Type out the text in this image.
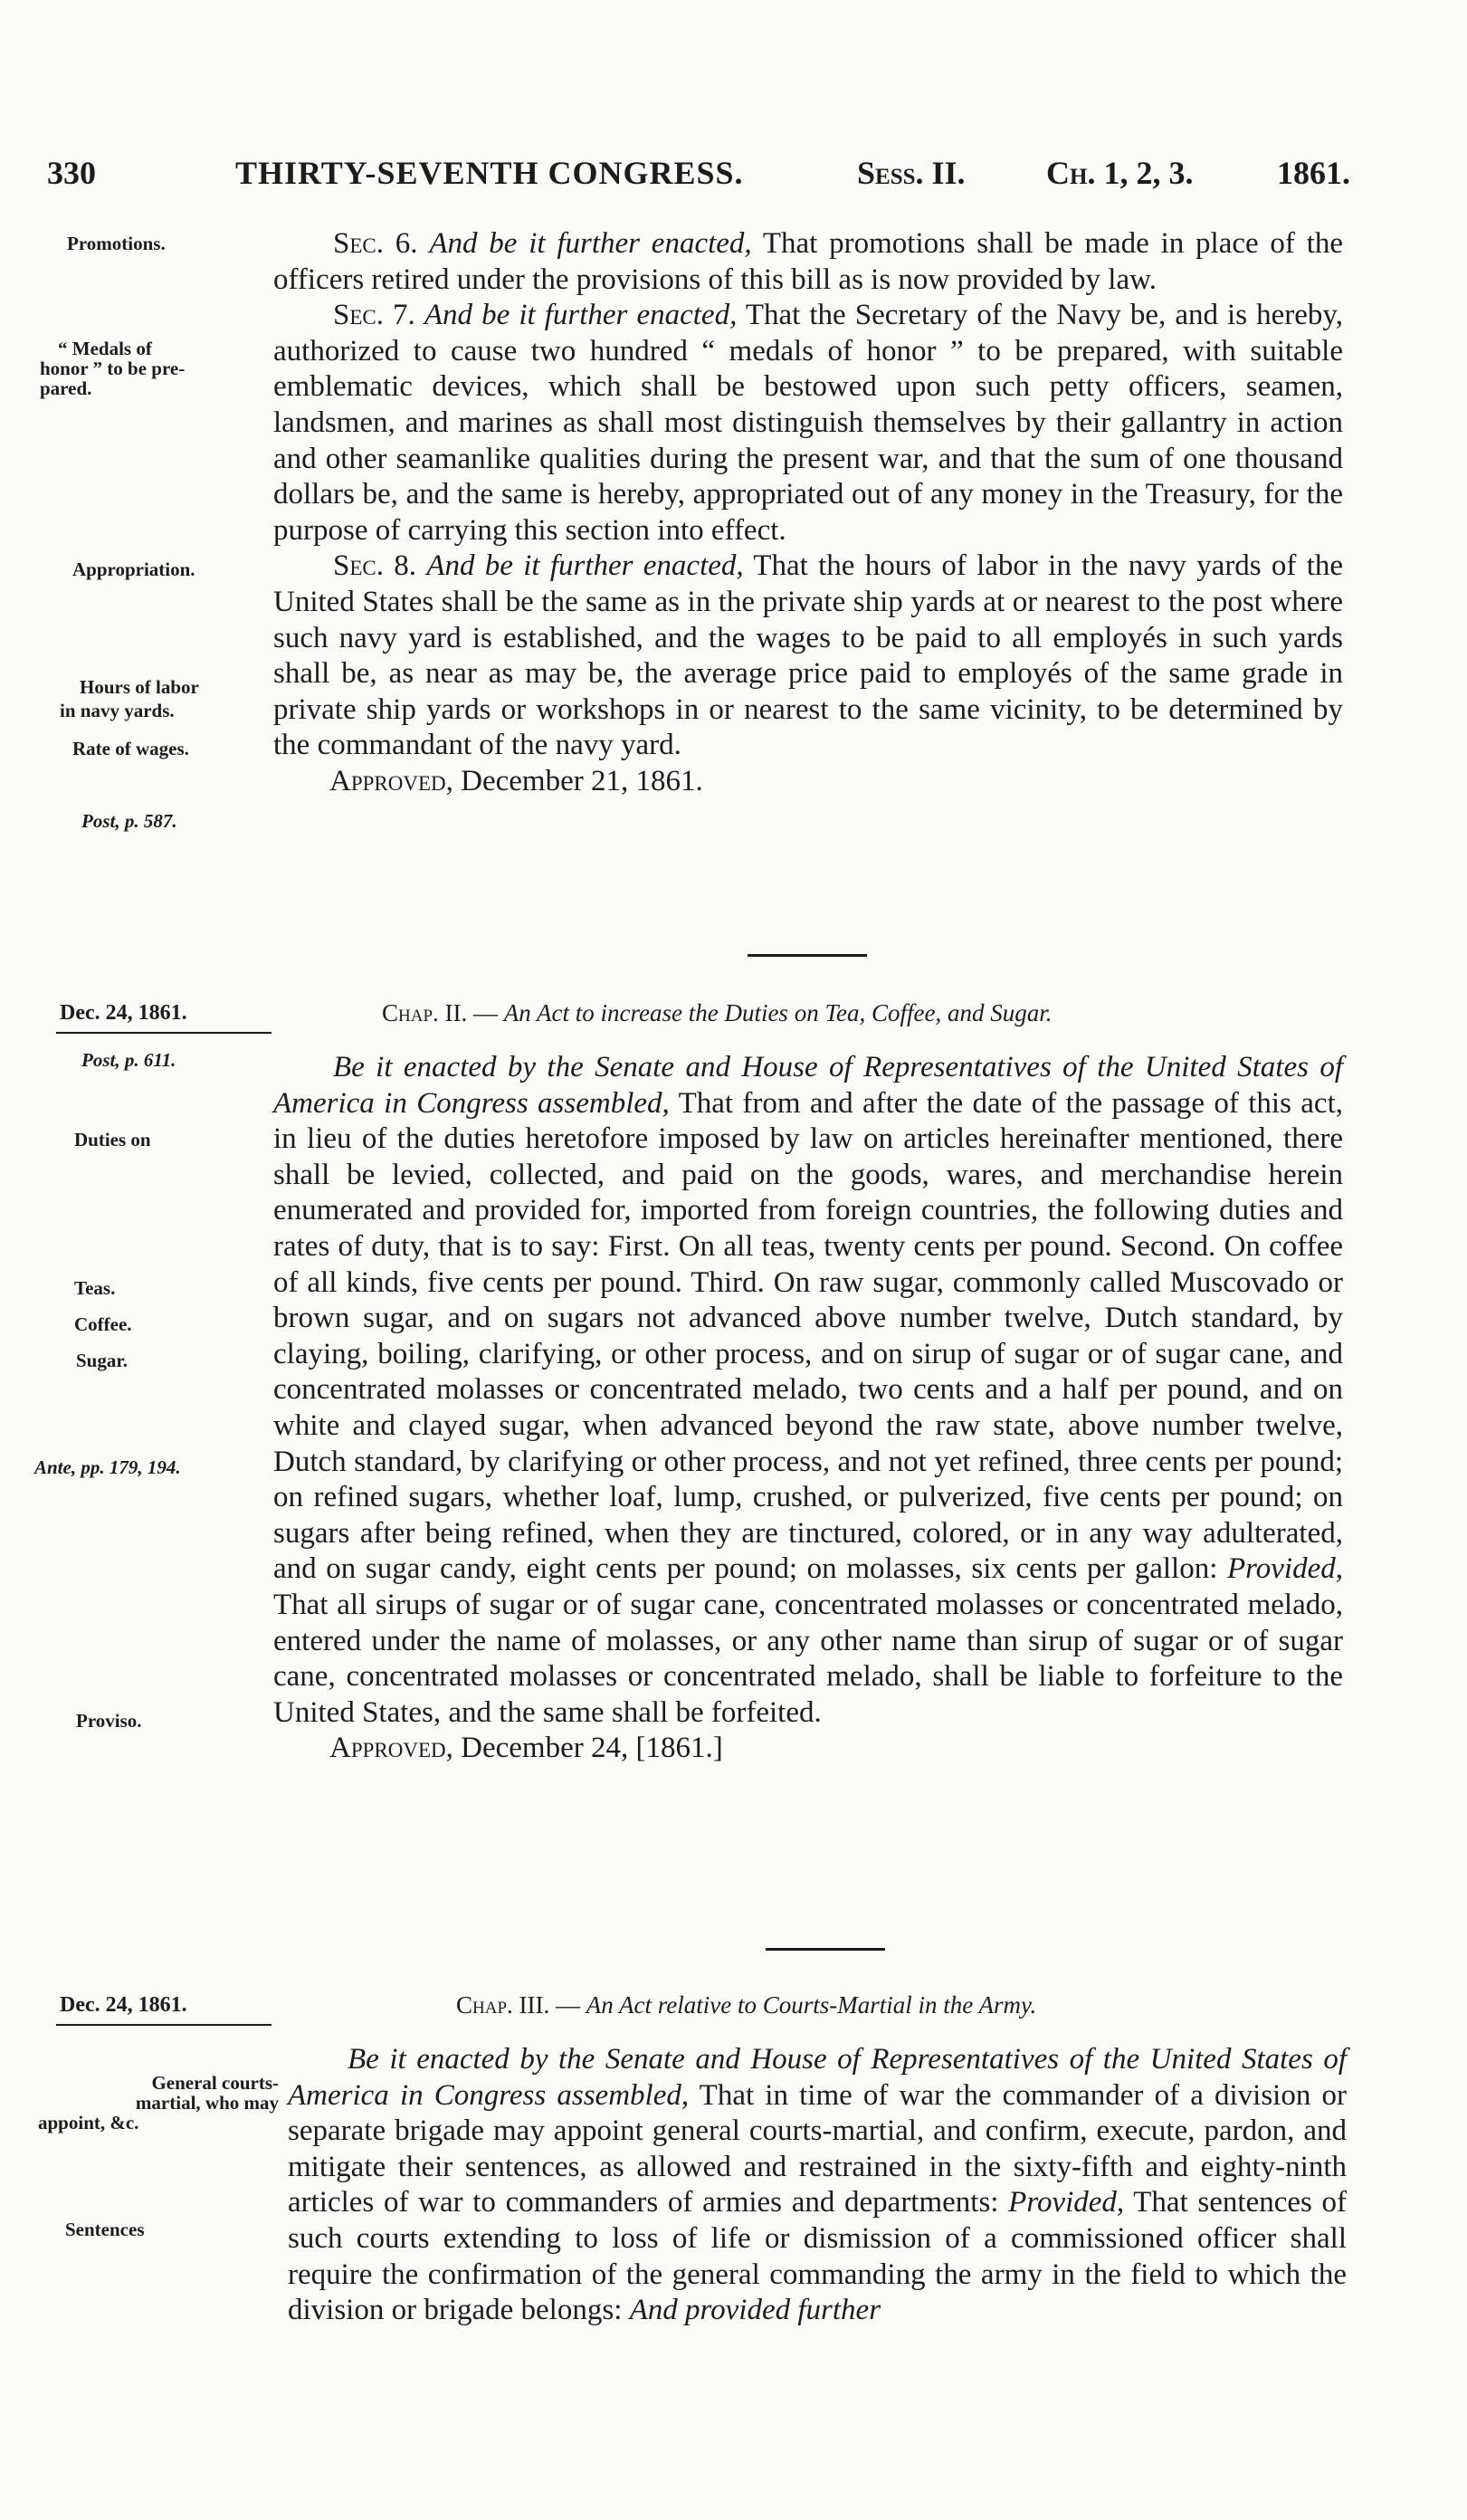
330	THIRTY-SEVENTH CONGRESS.	Sess. II. Ch. 1, 2, 3.	1861.
Promotions.
“ Medals of
honor ” to be pre-
pared.
Appropriation.
Hours of labor
in navy yards.
Rate of wages.
Post, p. 587.

Sec. 6. And be it further enacted, That promotions shall be made in place of the officers retired under the provisions of this bill as is now provided by law.

Sec. 7. And be it further enacted, That the Secretary of the Navy be, and is hereby, authorized to cause two hundred “ medals of honor ” to be prepared, with suitable emblematic devices, which shall be bestowed upon such petty officers, seamen, landsmen, and marines as shall most distinguish themselves by their gallantry in action and other seamanlike qualities during the present war, and that the sum of one thousand dollars be, and the same is hereby, appropriated out of any money in the Treasury, for the purpose of carrying this section into effect.

Sec. 8. And be it further enacted, That the hours of labor in the navy yards of the United States shall be the same as in the private ship yards at or nearest to the post where such navy yard is established, and the wages to be paid to all employés in such yards shall be, as near as may be, the average price paid to employés of the same grade in private ship yards or workshops in or nearest to the same vicinity, to be determined by the commandant of the navy yard.

Approved, December 21, 1861.

Dec. 24, 1861.	Chap. II. — An Act to increase the Duties on Tea, Coffee, and Sugar.
Post, p. 611.
Duties on
Teas.
Coffee.
Sugar.
Ante, pp. 179, 194.
Proviso.

Be it enacted by the Senate and House of Representatives of the United States of America in Congress assembled, That from and after the date of the passage of this act, in lieu of the duties heretofore imposed by law on articles hereinafter mentioned, there shall be levied, collected, and paid on the goods, wares, and merchandise herein enumerated and provided for, imported from foreign countries, the following duties and rates of duty, that is to say: First. On all teas, twenty cents per pound. Second. On coffee of all kinds, five cents per pound. Third. On raw sugar, commonly called Muscovado or brown sugar, and on sugars not advanced above number twelve, Dutch standard, by claying, boiling, clarifying, or other process, and on sirup of sugar or of sugar cane, and concentrated molasses or concentrated melado, two cents and a half per pound, and on white and clayed sugar, when advanced beyond the raw state, above number twelve, Dutch standard, by clarifying or other process, and not yet refined, three cents per pound; on refined sugars, whether loaf, lump, crushed, or pulverized, five cents per pound; on sugars after being refined, when they are tinctured, colored, or in any way adulterated, and on sugar candy, eight cents per pound; on molasses, six cents per gallon: Provided, That all sirups of sugar or of sugar cane, concentrated molasses or concentrated melado, entered under the name of molasses, or any other name than sirup of sugar or of sugar cane, concentrated molasses or concentrated melado, shall be liable to forfeiture to the United States, and the same shall be forfeited.

Approved, December 24, [1861.]

Dec. 24, 1861.	Chap. III. — An Act relative to Courts-Martial in the Army.
General courts-
martial, who may
appoint, &c.
Sentences

Be it enacted by the Senate and House of Representatives of the United States of America in Congress assembled, That in time of war the commander of a division or separate brigade may appoint general courts-martial, and confirm, execute, pardon, and mitigate their sentences, as allowed and restrained in the sixty-fifth and eighty-ninth articles of war to commanders of armies and departments: Provided, That sentences of such courts extending to loss of life or dismission of a commissioned officer shall require the confirmation of the general commanding the army in the field to which the division or brigade belongs: And provided further
